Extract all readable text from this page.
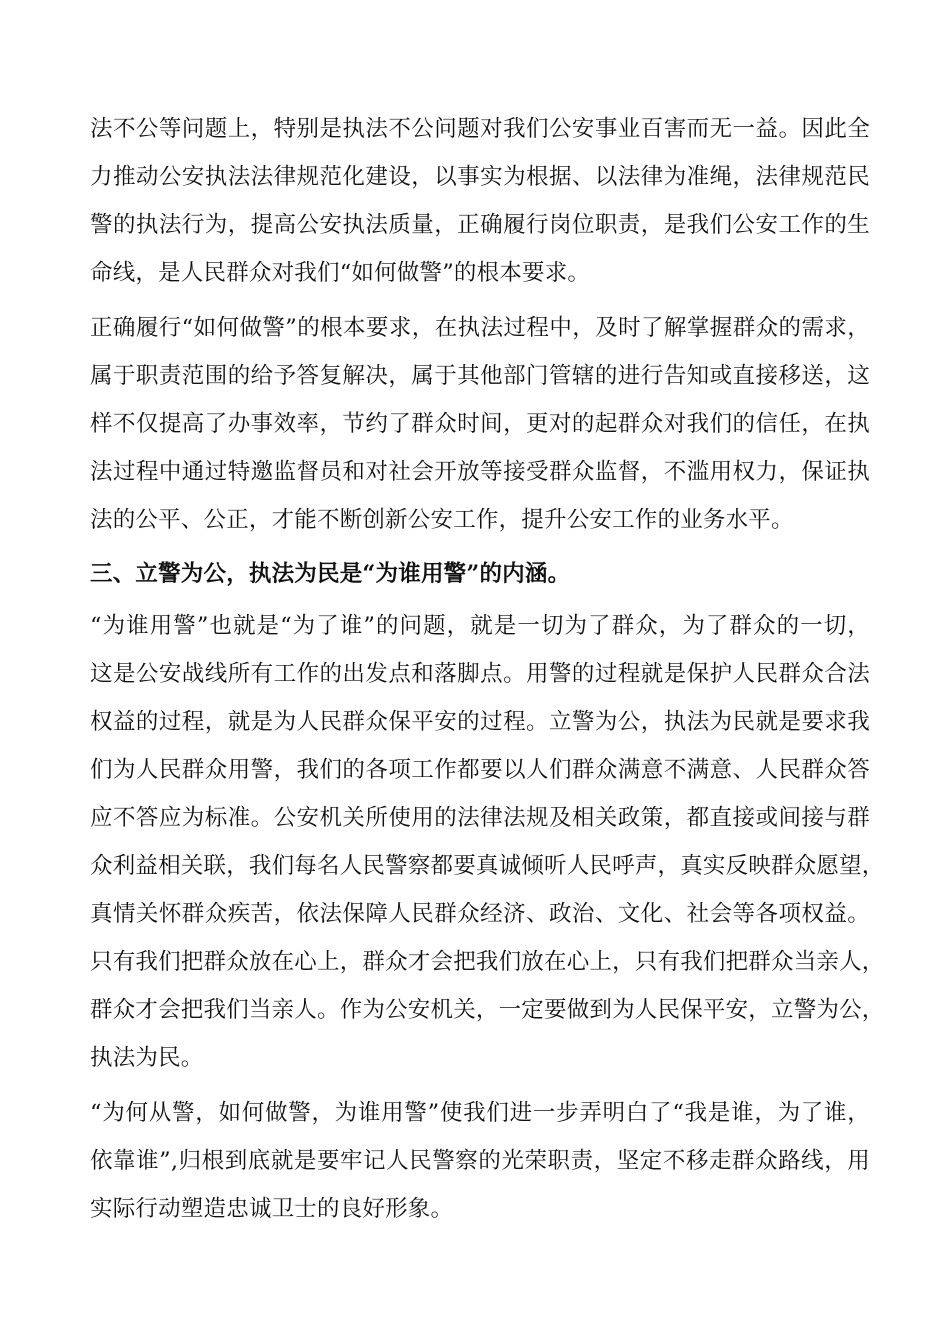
法不公等问题上，特别是执法不公问题对我们公安事业百害而无一益。因此全
力推动公安执法法律规范化建设，以事实为根据、以法律为准绳，法律规范民
警的执法行为，提高公安执法质量，正确履行岗位职责，是我们公安工作的生
命线，是人民群众对我们“如何做警”的根本要求。
正确履行“如何做警”的根本要求，在执法过程中，及时了解掌握群众的需求，
属于职责范围的给予答复解决，属于其他部门管辖的进行告知或直接移送，这
样不仅提高了办事效率，节约了群众时间，更对的起群众对我们的信任，在执
法过程中通过特邀监督员和对社会开放等接受群众监督，不滥用权力，保证执
法的公平、公正，才能不断创新公安工作，提升公安工作的业务水平。
三、立警为公，执法为民是“为谁用警”的内涵。
“为谁用警”也就是“为了谁”的问题，就是一切为了群众，为了群众的一切，
这是公安战线所有工作的出发点和落脚点。用警的过程就是保护人民群众合法
权益的过程，就是为人民群众保平安的过程。立警为公，执法为民就是要求我
们为人民群众用警，我们的各项工作都要以人们群众满意不满意、人民群众答
应不答应为标准。公安机关所使用的法律法规及相关政策，都直接或间接与群
众利益相关联，我们每名人民警察都要真诚倾听人民呼声，真实反映群众愿望，
真情关怀群众疾苦，依法保障人民群众经济、政治、文化、社会等各项权益。
只有我们把群众放在心上，群众才会把我们放在心上，只有我们把群众当亲人，
群众才会把我们当亲人。作为公安机关，一定要做到为人民保平安，立警为公，
执法为民。
“为何从警，如何做警，为谁用警”使我们进一步弄明白了“我是谁，为了谁，
依靠谁”,归根到底就是要牢记人民警察的光荣职责，坚定不移走群众路线，用
实际行动塑造忠诚卫士的良好形象。
